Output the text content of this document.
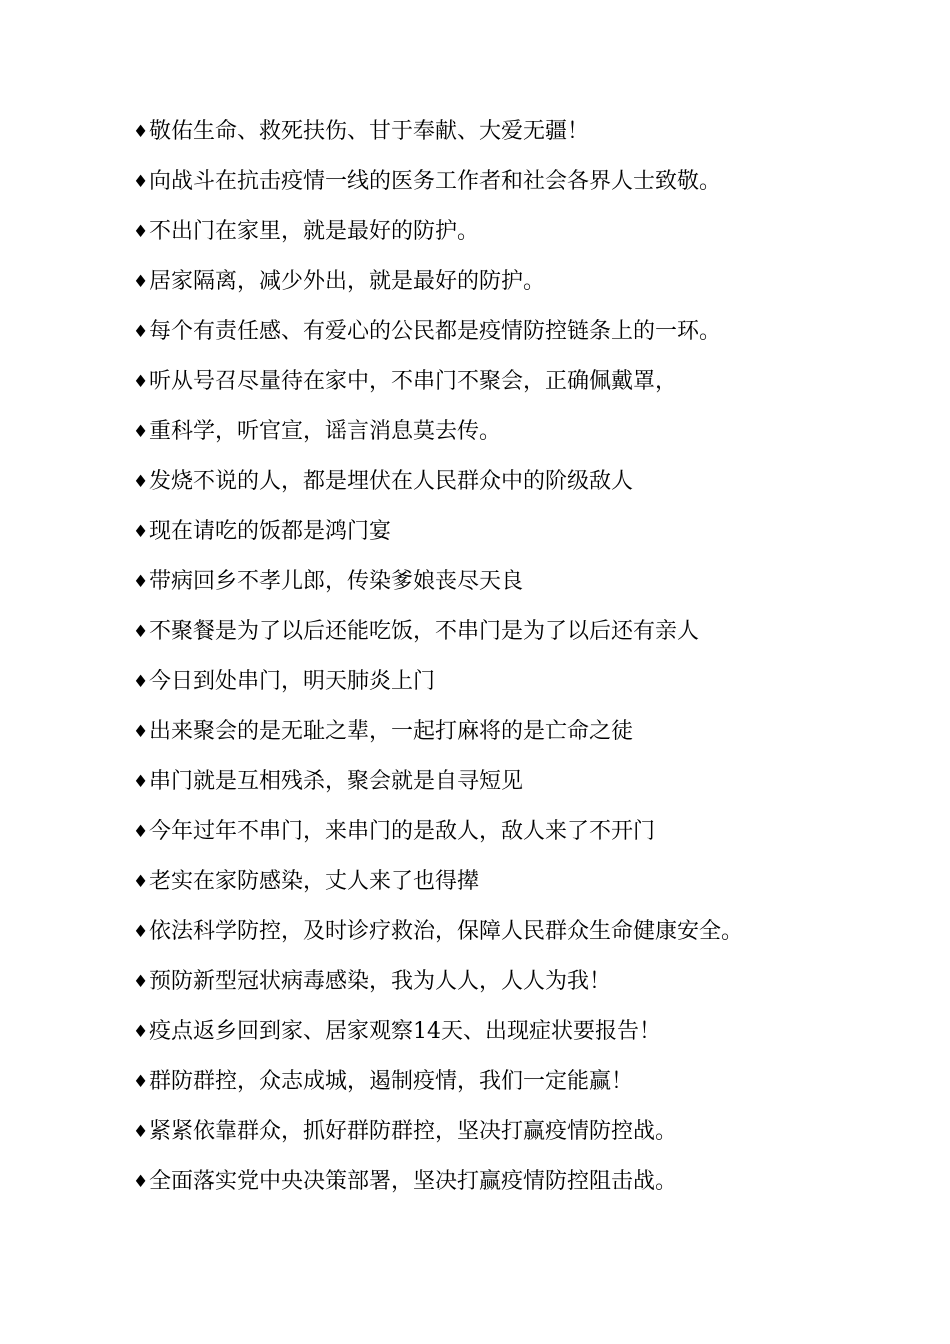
♦敬佑生命、救死扶伤、甘于奉献、大爱无疆！
♦向战斗在抗击疫情一线的医务工作者和社会各界人士致敬。
♦不出门在家里，就是最好的防护。
♦居家隔离，减少外出，就是最好的防护。
♦每个有责任感、有爱心的公民都是疫情防控链条上的一环。
♦听从号召尽量待在家中，不串门不聚会，正确佩戴罩，
♦重科学，听官宣，谣言消息莫去传。
♦发烧不说的人，都是埋伏在人民群众中的阶级敌人
♦现在请吃的饭都是鸿门宴
♦带病回乡不孝儿郎，传染爹娘丧尽天良
♦不聚餐是为了以后还能吃饭，不串门是为了以后还有亲人
♦今日到处串门，明天肺炎上门
♦出来聚会的是无耻之辈，一起打麻将的是亡命之徒
♦串门就是互相残杀，聚会就是自寻短见
♦今年过年不串门，来串门的是敌人，敌人来了不开门
♦老实在家防感染，丈人来了也得撵
♦依法科学防控，及时诊疗救治，保障人民群众生命健康安全。
♦预防新型冠状病毒感染，我为人人，人人为我！
♦疫点返乡回到家、居家观察14天、出现症状要报告！
♦群防群控，众志成城，遏制疫情，我们一定能赢！
♦紧紧依靠群众，抓好群防群控，坚决打赢疫情防控战。
♦全面落实党中央决策部署，坚决打赢疫情防控阻击战。
